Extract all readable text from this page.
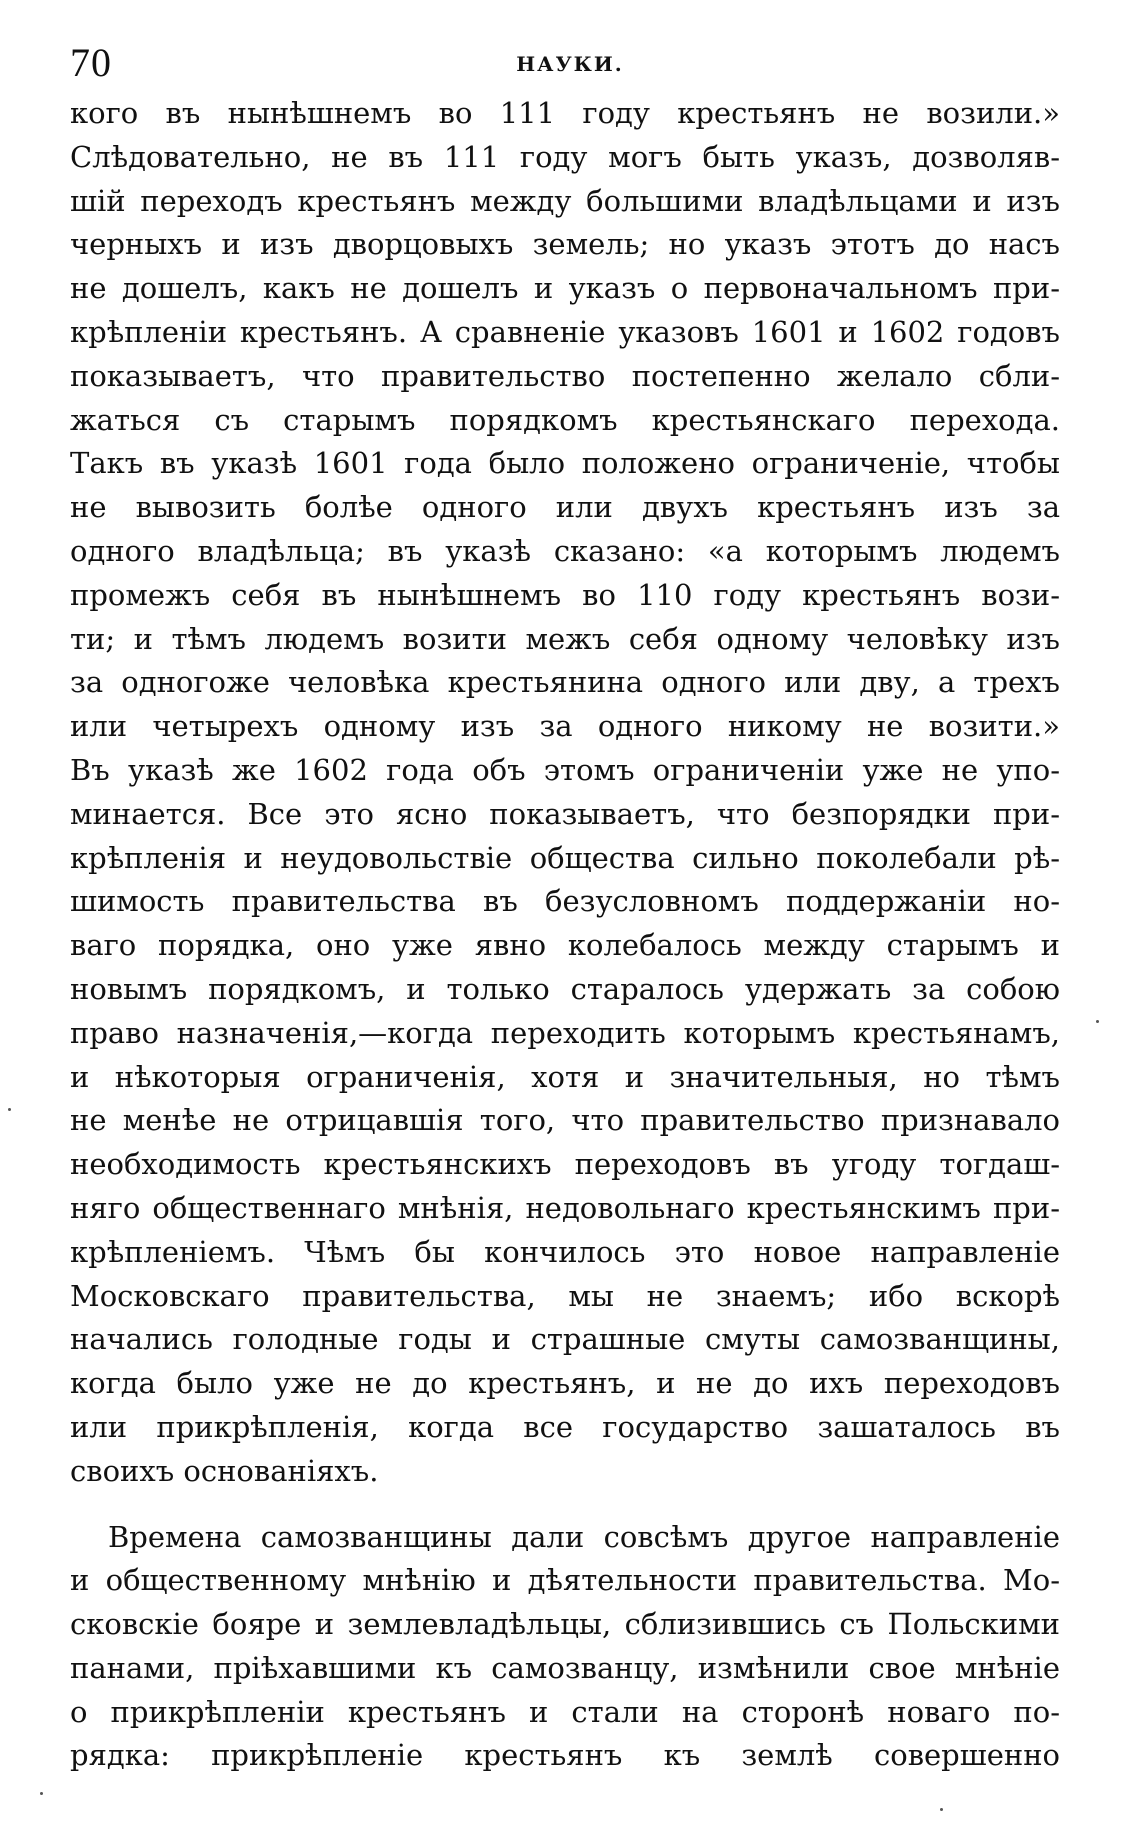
70	НАУКИ.
кого въ нынѣшнемъ во 111 году крестьянъ не возили.»
Слѣдовательно, не въ 111 году могъ быть указъ, дозволяв-
шій переходъ крестьянъ между большими владѣльцами и изъ
черныхъ и изъ дворцовыхъ земель; но указъ этотъ до насъ
не дошелъ, какъ не дошелъ и указъ о первоначальномъ при-
крѣпленіи крестьянъ. А сравненіе указовъ 1601 и 1602 годовъ
показываетъ, что правительство постепенно желало сбли-
жаться съ старымъ порядкомъ крестьянскаго перехода.
Такъ въ указѣ 1601 года было положено ограниченіе, чтобы
не вывозить болѣе одного или двухъ крестьянъ изъ за
одного владѣльца; въ указѣ сказано: «а которымъ людемъ
промежъ себя въ нынѣшнемъ во 110 году крестьянъ вози-
ти; и тѣмъ людемъ возити межъ себя одному человѣку изъ
за одногоже человѣка крестьянина одного или дву, а трехъ
или четырехъ одному изъ за одного никому не возити.»
Въ указѣ же 1602 года объ этомъ ограниченіи уже не упо-
минается. Все это ясно показываетъ, что безпорядки при-
крѣпленія и неудовольствіе общества сильно поколебали рѣ-
шимость правительства въ безусловномъ поддержаніи но-
ваго порядка, оно уже явно колебалось между старымъ и
новымъ порядкомъ, и только старалось удержать за собою
право назначенія,—когда переходить которымъ крестьянамъ,
и нѣкоторыя ограниченія, хотя и значительныя, но тѣмъ
не менѣе не отрицавшія того, что правительство признавало
необходимость крестьянскихъ переходовъ въ угоду тогдаш-
няго общественнаго мнѣнія, недовольнаго крестьянскимъ при-
крѣпленіемъ. Чѣмъ бы кончилось это новое направленіе
Московскаго правительства, мы не знаемъ; ибо вскорѣ
начались голодные годы и страшные смуты самозванщины,
когда было уже не до крестьянъ, и не до ихъ переходовъ
или прикрѣпленія, когда все государство зашаталось въ
своихъ основаніяхъ.
Времена самозванщины дали совсѣмъ другое направленіе
и общественному мнѣнію и дѣятельности правительства. Мо-
сковскіе бояре и землевладѣльцы, сблизившись съ Польскими
панами, пріѣхавшими къ самозванцу, измѣнили свое мнѣніе
о прикрѣпленіи крестьянъ и стали на сторонѣ новаго по-
рядка: прикрѣпленіе крестьянъ къ землѣ совершенно
